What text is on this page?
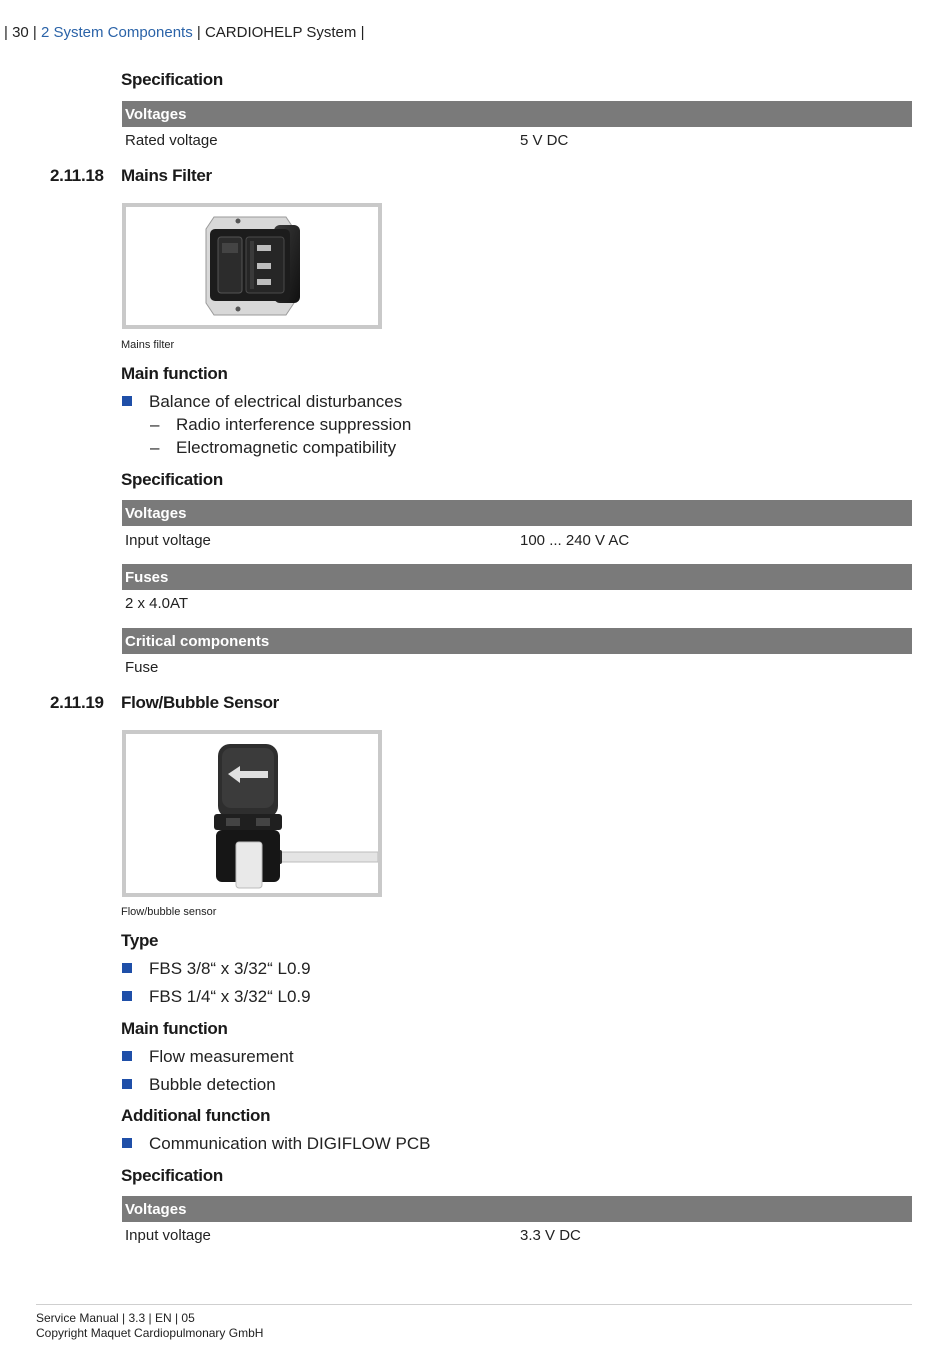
| 30 | 2 System Components | CARDIOHELP System |
Specification
Voltages
Rated voltage	5 V DC
2.11.18 Mains Filter
Mains filter
Main function
Balance of electrical disturbances
– Radio interference suppression
– Electromagnetic compatibility
Specification
Voltages
Input voltage	100 ... 240 V AC
Fuses
2 x 4.0AT
Critical components
Fuse
2.11.19 Flow/Bubble Sensor
Flow/bubble sensor
Type
FBS 3/8“ x 3/32“ L0.9
FBS 1/4“ x 3/32“ L0.9
Main function
Flow measurement
Bubble detection
Additional function
Communication with DIGIFLOW PCB
Specification
Voltages
Input voltage	3.3 V DC
Service Manual | 3.3 | EN | 05
Copyright Maquet Cardiopulmonary GmbH
